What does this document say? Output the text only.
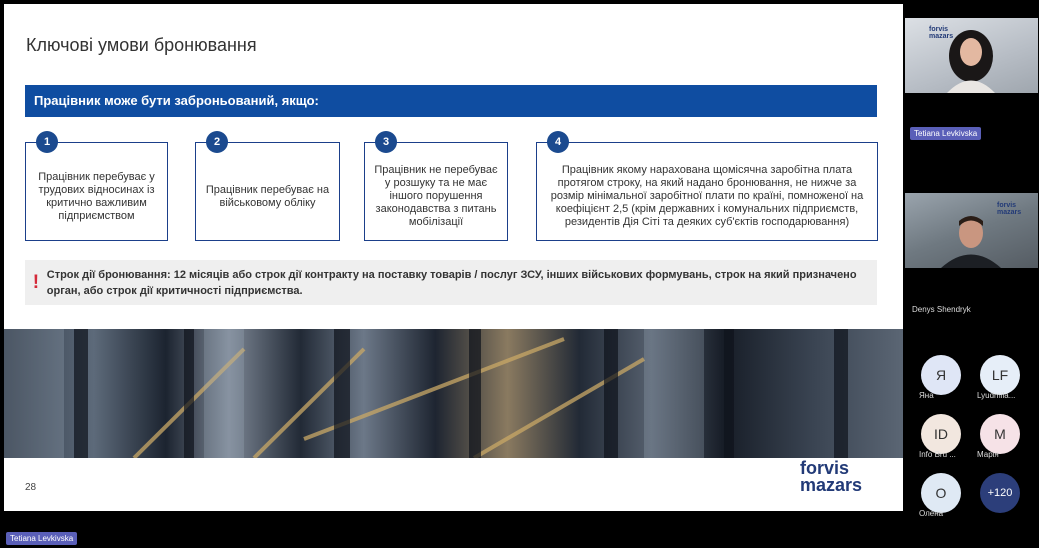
Ключові умови бронювання
Працівник може бути заброньований, якщо:
1
Працівник перебуває у трудових відносинах із критично важливим підприємством
2
Працівник перебуває на військовому обліку
3
Працівник не перебуває у розшуку та не має іншого порушення законодавства з питань мобілізації
4
Працівник якому нарахована щомісячна заробітна плата протягом строку, на який надано бронювання, не нижче за розмір мінімальної заробітної плати по країні, помноженої на коефіцієнт 2,5 (крім державних і комунальних підприємств, резидентів Дія Сіті та деяких суб'єктів господарювання)
! Строк дії бронювання: 12 місяців або строк дії контракту на поставку товарів / послуг ЗСУ, інших військових формувань, строк на який призначено орган, або строк дії критичності підприємства.
28
forvis
mazars
forvis
mazars
Tetiana Levkivska
forvis
mazars
Denys Shendryk
Я
Яна
LF
Lyudmila...
ID
Info Bru ...
M
Марія
O
Олена
+120
Tetiana Levkivska
